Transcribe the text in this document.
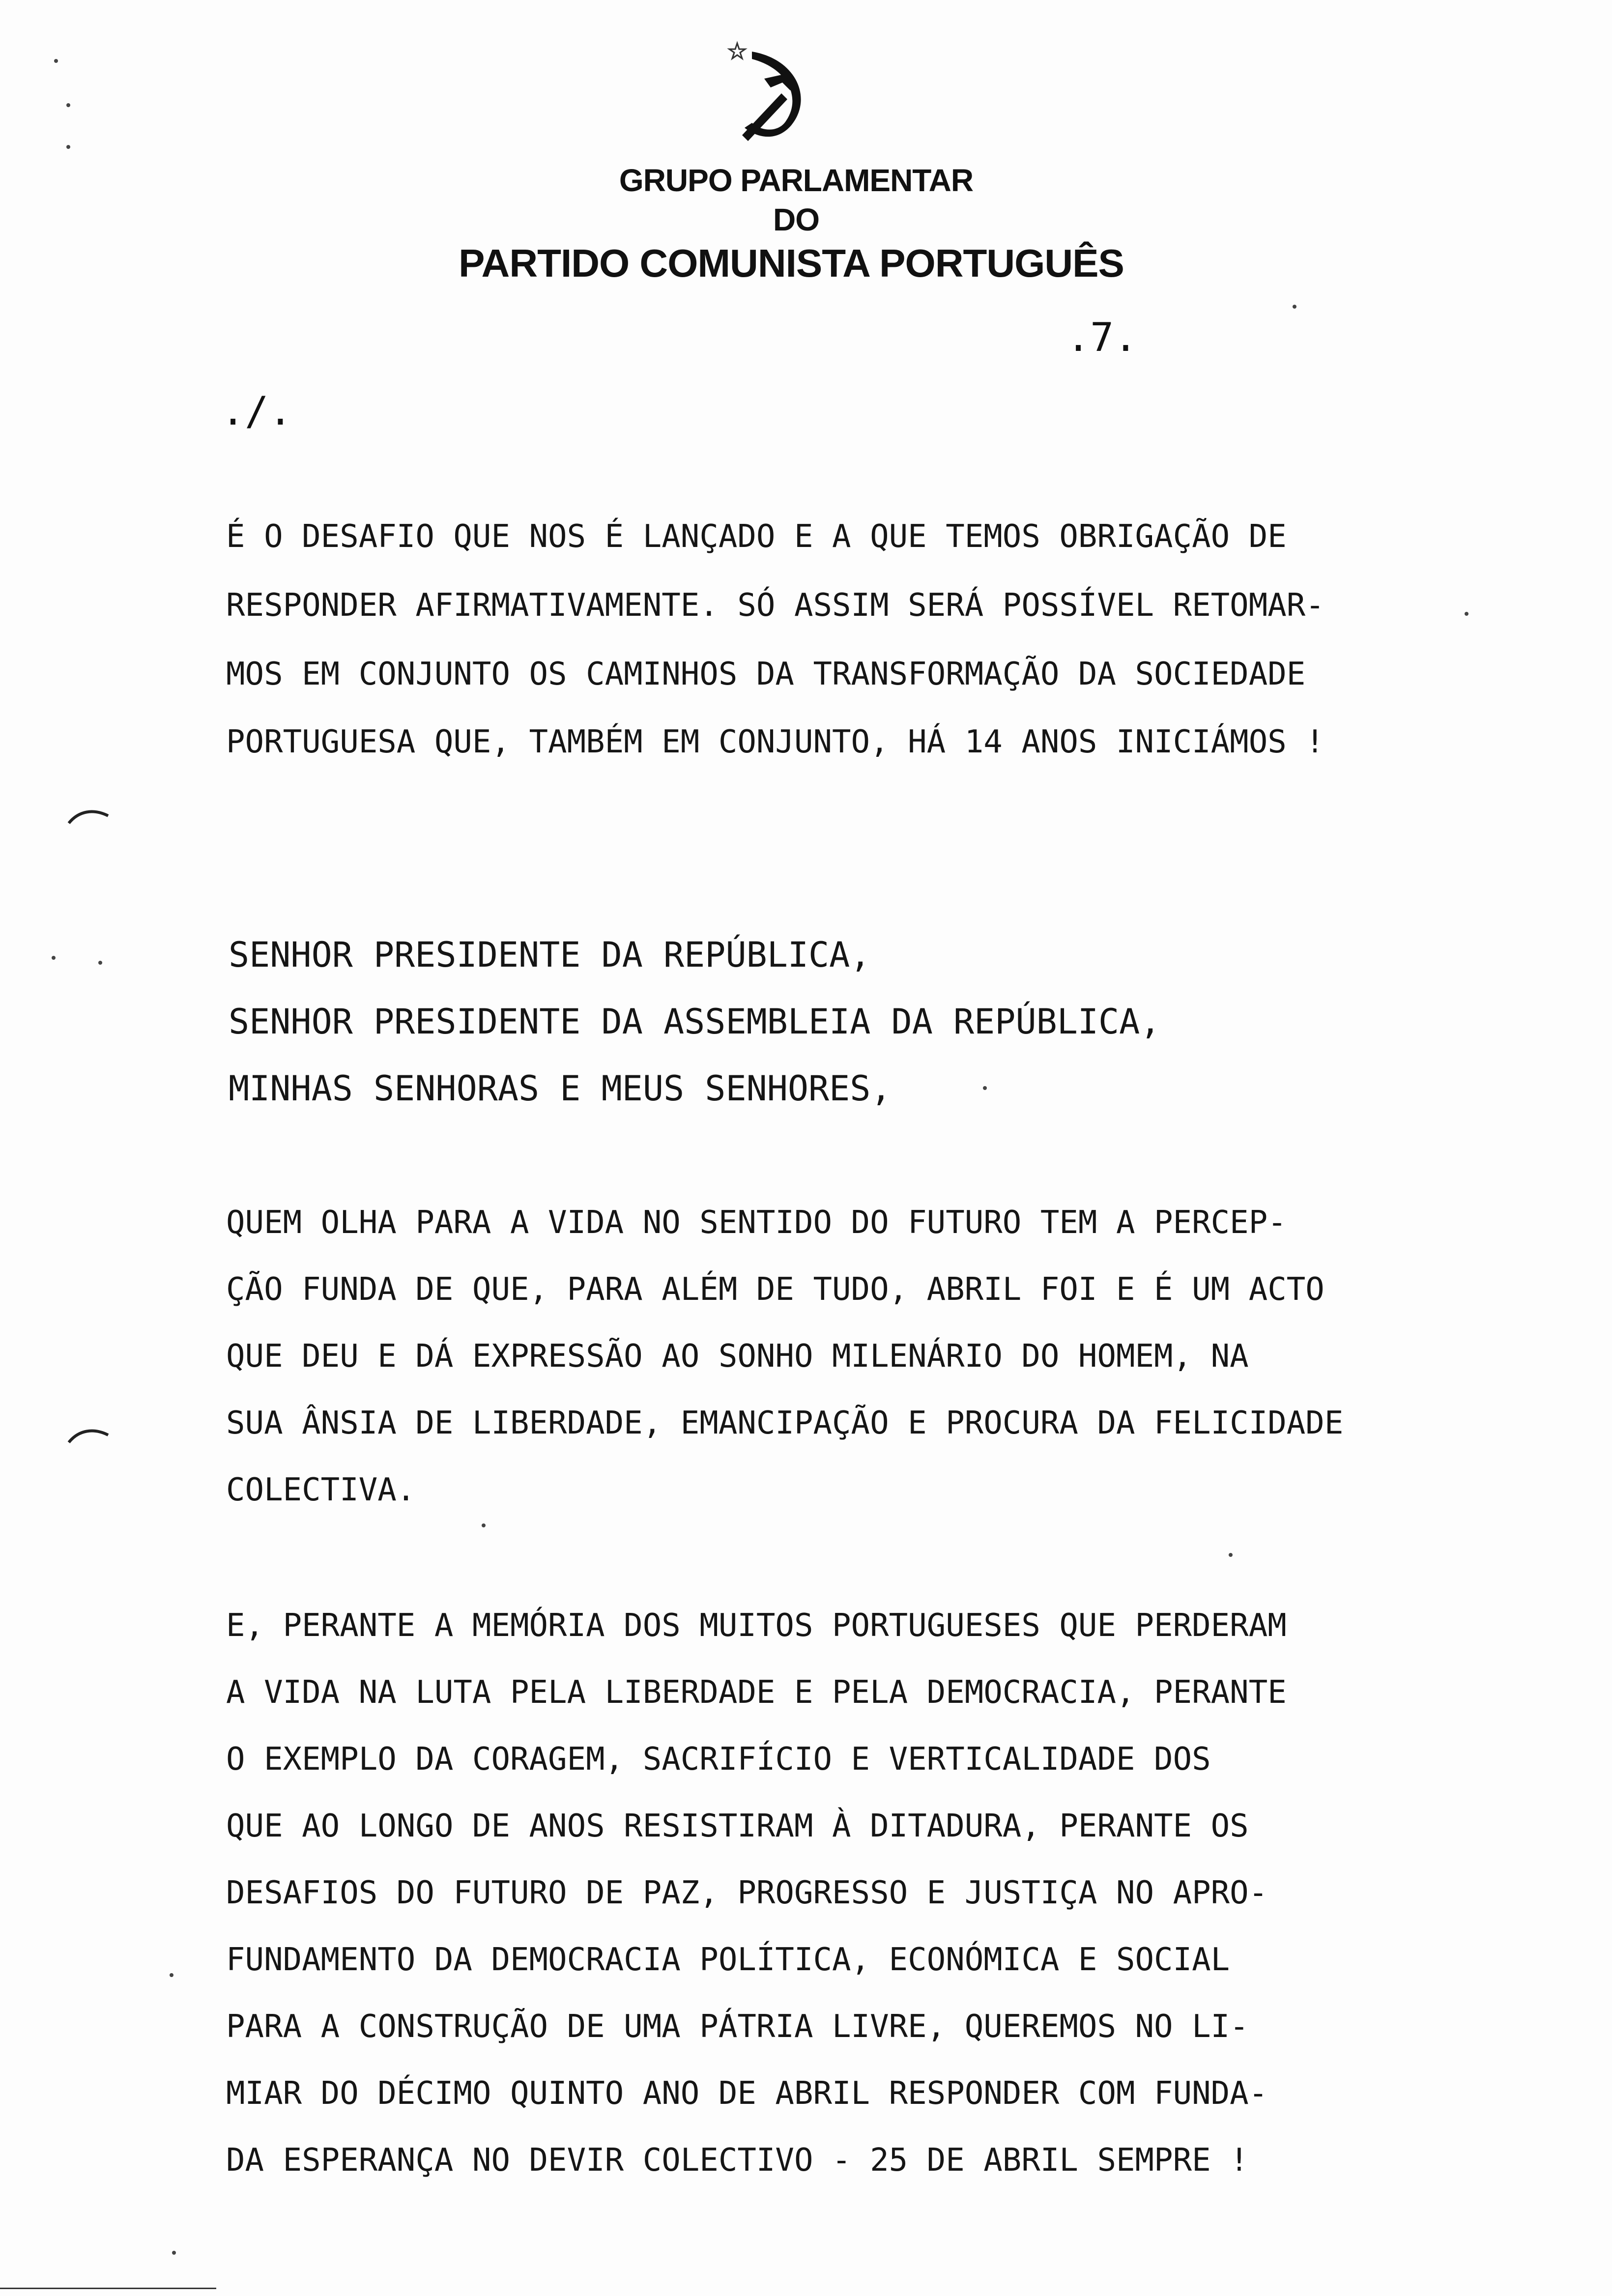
GRUPO PARLAMENTAR
DO
PARTIDO COMUNISTA PORTUGUÊS
.7.
./.
É O DESAFIO QUE NOS É LANÇADO E A QUE TEMOS OBRIGAÇÃO DE
RESPONDER AFIRMATIVAMENTE. SÓ ASSIM SERÁ POSSÍVEL RETOMAR-
MOS EM CONJUNTO OS CAMINHOS DA TRANSFORMAÇÃO DA SOCIEDADE
PORTUGUESA QUE, TAMBÉM EM CONJUNTO, HÁ 14 ANOS INICIÁMOS !
SENHOR PRESIDENTE DA REPÚBLICA,
SENHOR PRESIDENTE DA ASSEMBLEIA DA REPÚBLICA,
MINHAS SENHORAS E MEUS SENHORES,
QUEM OLHA PARA A VIDA NO SENTIDO DO FUTURO TEM A PERCEP-
ÇÃO FUNDA DE QUE, PARA ALÉM DE TUDO, ABRIL FOI E É UM ACTO
QUE DEU E DÁ EXPRESSÃO AO SONHO MILENÁRIO DO HOMEM, NA
SUA ÂNSIA DE LIBERDADE, EMANCIPAÇÃO E PROCURA DA FELICIDADE
COLECTIVA.
E, PERANTE A MEMÓRIA DOS MUITOS PORTUGUESES QUE PERDERAM
A VIDA NA LUTA PELA LIBERDADE E PELA DEMOCRACIA, PERANTE
O EXEMPLO DA CORAGEM, SACRIFÍCIO E VERTICALIDADE DOS
QUE AO LONGO DE ANOS RESISTIRAM À DITADURA, PERANTE OS
DESAFIOS DO FUTURO DE PAZ, PROGRESSO E JUSTIÇA NO APRO-
FUNDAMENTO DA DEMOCRACIA POLÍTICA, ECONÓMICA E SOCIAL
PARA A CONSTRUÇÃO DE UMA PÁTRIA LIVRE, QUEREMOS NO LI-
MIAR DO DÉCIMO QUINTO ANO DE ABRIL RESPONDER COM FUNDA-
DA ESPERANÇA NO DEVIR COLECTIVO - 25 DE ABRIL SEMPRE !
